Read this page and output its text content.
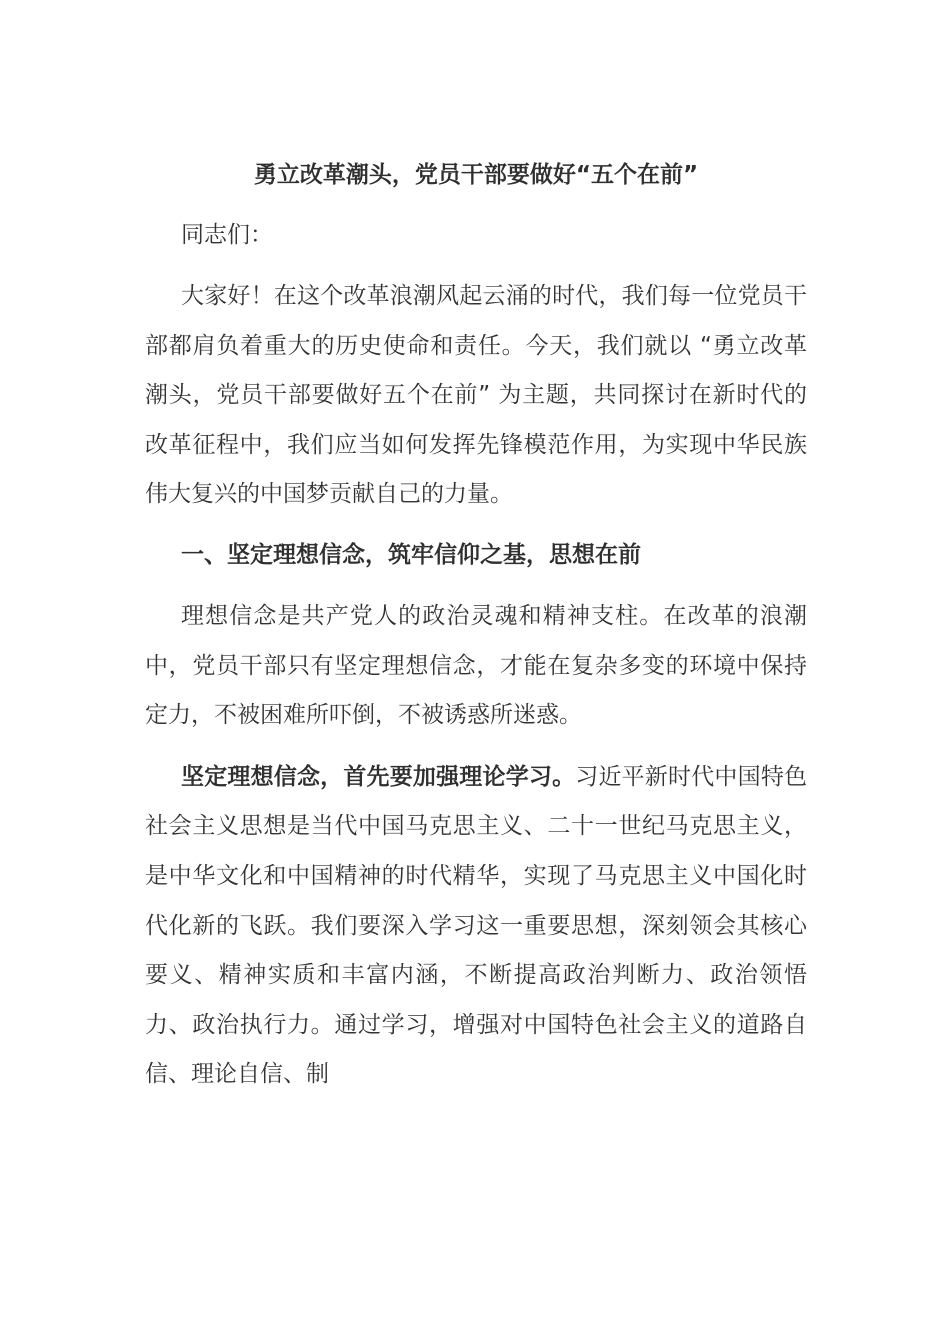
勇立改革潮头，党员干部要做好“五个在前”

同志们：

大家好！在这个改革浪潮风起云涌的时代，我们每一位党员干部都肩负着重大的历史使命和责任。今天，我们就以 “勇立改革潮头，党员干部要做好五个在前” 为主题，共同探讨在新时代的改革征程中，我们应当如何发挥先锋模范作用，为实现中华民族伟大复兴的中国梦贡献自己的力量。

一、坚定理想信念，筑牢信仰之基，思想在前

理想信念是共产党人的政治灵魂和精神支柱。在改革的浪潮中，党员干部只有坚定理想信念，才能在复杂多变的环境中保持定力，不被困难所吓倒，不被诱惑所迷惑。

坚定理想信念，首先要加强理论学习。习近平新时代中国特色社会主义思想是当代中国马克思主义、二十一世纪马克思主义，是中华文化和中国精神的时代精华，实现了马克思主义中国化时代化新的飞跃。我们要深入学习这一重要思想，深刻领会其核心要义、精神实质和丰富内涵，不断提高政治判断力、政治领悟力、政治执行力。通过学习，增强对中国特色社会主义的道路自信、理论自信、制
